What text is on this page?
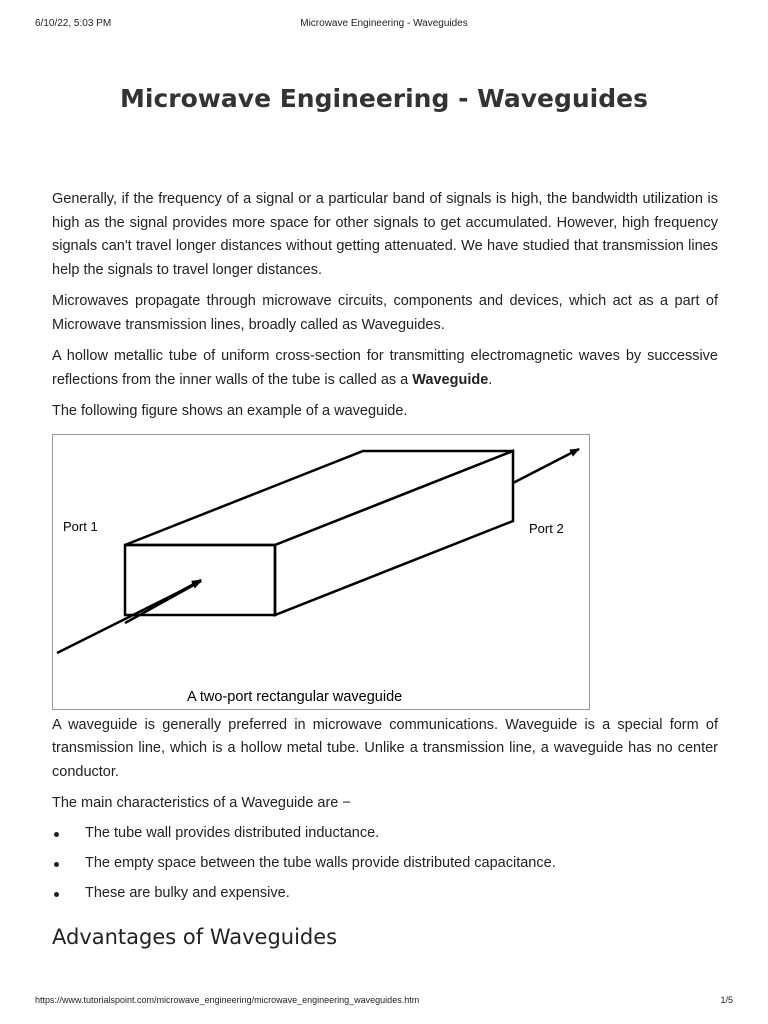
6/10/22, 5:03 PM	Microwave Engineering - Waveguides
Microwave Engineering - Waveguides

Generally, if the frequency of a signal or a particular band of signals is high, the bandwidth utilization is high as the signal provides more space for other signals to get accumulated. However, high frequency signals can't travel longer distances without getting attenuated. We have studied that transmission lines help the signals to travel longer distances.

Microwaves propagate through microwave circuits, components and devices, which act as a part of Microwave transmission lines, broadly called as Waveguides.

A hollow metallic tube of uniform cross-section for transmitting electromagnetic waves by successive reflections from the inner walls of the tube is called as a Waveguide.

The following figure shows an example of a waveguide.

Port 1	Port 2
A two-port rectangular waveguide

A waveguide is generally preferred in microwave communications. Waveguide is a special form of transmission line, which is a hollow metal tube. Unlike a transmission line, a waveguide has no center conductor.

The main characteristics of a Waveguide are −

The tube wall provides distributed inductance.
The empty space between the tube walls provide distributed capacitance.
These are bulky and expensive.
Advantages of Waveguides
https://www.tutorialspoint.com/microwave_engineering/microwave_engineering_waveguides.htm	1/5
